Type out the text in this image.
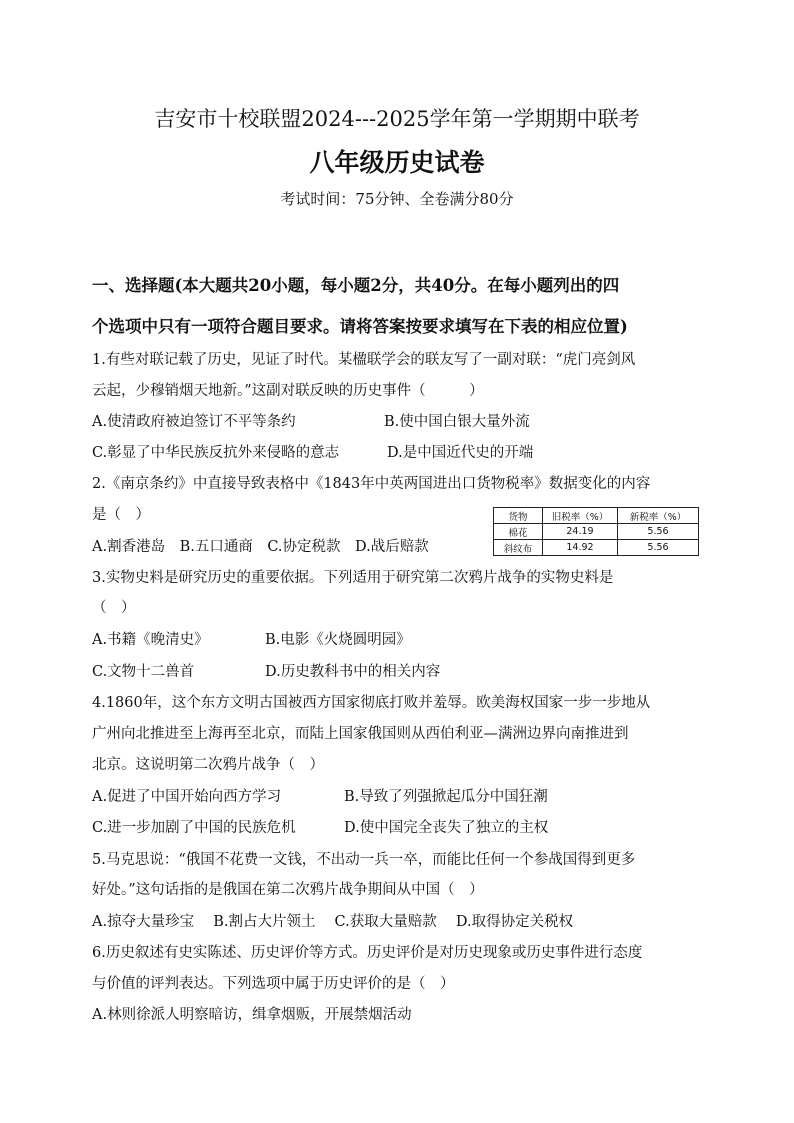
吉安市十校联盟2024---2025学年第一学期期中联考
八年级历史试卷
考试时间：75分钟、全卷满分80分
一、选择题(本大题共20小题，每小题2分，共40分。在每小题列出的四
个选项中只有一项符合题目要求。请将答案按要求填写在下表的相应位置)
1.有些对联记载了历史，见证了时代。某楹联学会的联友写了一副对联：“虎门亮剑风
云起，少穆销烟天地新。”这副对联反映的历史事件（　　　）
A.使清政府被迫签订不平等条约	B.使中国白银大量外流
C.彰显了中华民族反抗外来侵略的意志	D.是中国近代史的开端
2.《南京条约》中直接导致表格中《1843年中英两国进出口货物税率》数据变化的内容
是（　）
A.割香港岛　B.五口通商　C.协定税款　D.战后赔款
货物	旧税率（%）	新税率（%）
棉花	24.19	5.56
斜纹布	14.92	5.56
3.实物史料是研究历史的重要依据。下列适用于研究第二次鸦片战争的实物史料是
（　）
A.书籍《晚清史》	B.电影《火烧圆明园》
C.文物十二兽首	D.历史教科书中的相关内容
4.1860年，这个东方文明古国被西方国家彻底打败并羞辱。欧美海权国家一步一步地从
广州向北推进至上海再至北京，而陆上国家俄国则从西伯利亚—满洲边界向南推进到
北京。这说明第二次鸦片战争（　）
A.促进了中国开始向西方学习	B.导致了列强掀起瓜分中国狂潮
C.进一步加剧了中国的民族危机	D.使中国完全丧失了独立的主权
5.马克思说：“俄国不花费一文钱，不出动一兵一卒，而能比任何一个参战国得到更多
好处。”这句话指的是俄国在第二次鸦片战争期间从中国（　）
A.掠夺大量珍宝　 B.割占大片领土　 C.获取大量赔款　 D.取得协定关税权
6.历史叙述有史实陈述、历史评价等方式。历史评价是对历史现象或历史事件进行态度
与价值的评判表达。下列选项中属于历史评价的是（　）
A.林则徐派人明察暗访，缉拿烟贩，开展禁烟活动
